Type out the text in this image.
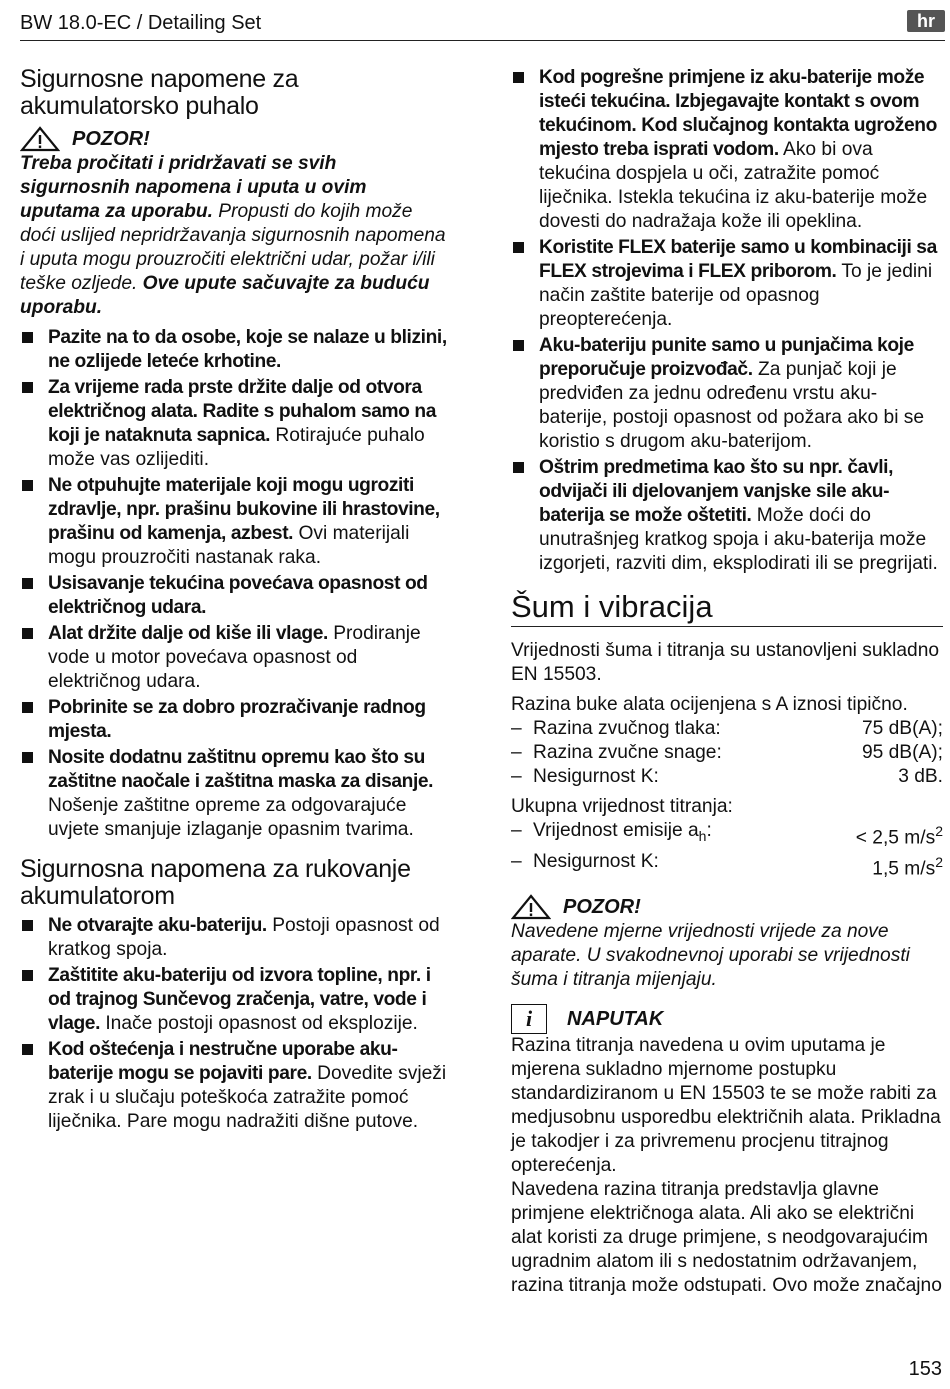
BW 18.0-EC / Detailing Set	hr
Sigurnosne napomene za akumulatorsko puhalo
POZOR!

Treba pročitati i pridržavati se svih sigurnosnih napomena i uputa u ovim uputama za uporabu. Propusti do kojih može doći uslijed nepridržavanja sigurnosnih napomena i uputa mogu prouzročiti električni udar, požar i/ili teške ozljede. Ove upute sačuvajte za buduću uporabu.

Pazite na to da osobe, koje se nalaze u blizini, ne ozlijede leteće krhotine.
Za vrijeme rada prste držite dalje od otvora električnog alata. Radite s puhalom samo na koji je nataknuta sapnica. Rotirajuće puhalo može vas ozlijediti.
Ne otpuhujte materijale koji mogu ugroziti zdravlje, npr. prašinu bukovine ili hrastovine, prašinu od kamenja, azbest. Ovi materijali mogu prouzročiti nastanak raka.
Usisavanje tekućina povećava opasnost od električnog udara.
Alat držite dalje od kiše ili vlage. Prodiranje vode u motor povećava opasnost od električnog udara.
Pobrinite se za dobro prozračivanje radnog mjesta.
Nosite dodatnu zaštitnu opremu kao što su zaštitne naočale i zaštitna maska za disanje. Nošenje zaštitne opreme za odgovarajuće uvjete smanjuje izlaganje opasnim tvarima.
Sigurnosna napomena za rukovanje akumulatorom
Ne otvarajte aku-bateriju. Postoji opasnost od kratkog spoja.
Zaštitite aku-bateriju od izvora topline, npr. i od trajnog Sunčevog zračenja, vatre, vode i vlage. Inače postoji opasnost od eksplozije.
Kod oštećenja i nestručne uporabe aku-baterije mogu se pojaviti pare. Dovedite svježi zrak i u slučaju poteškoća zatražite pomoć liječnika. Pare mogu nadražiti dišne putove.
Kod pogrešne primjene iz aku-baterije može isteći tekućina. Izbjegavajte kontakt s ovom tekućinom. Kod slučajnog kontakta ugroženo mjesto treba isprati vodom. Ako bi ova tekućina dospjela u oči, zatražite pomoć liječnika. Istekla tekućina iz aku-baterije može dovesti do nadražaja kože ili opeklina.
Koristite FLEX baterije samo u kombinaciji sa FLEX strojevima i FLEX priborom. To je jedini način zaštite baterije od opasnog preopterećenja.
Aku-bateriju punite samo u punjačima koje preporučuje proizvođač. Za punjač koji je predviđen za jednu određenu vrstu aku-baterije, postoji opasnost od požara ako bi se koristio s drugom aku-baterijom.
Oštrim predmetima kao što su npr. čavli, odvijači ili djelovanjem vanjske sile aku-baterija se može oštetiti. Može doći do unutrašnjeg kratkog spoja i aku-baterija može izgorjeti, razviti dim, eksplodirati ili se pregrijati.
Šum i vibracija

Vrijednosti šuma i titranja su ustanovljeni sukladno EN 15503.

Razina buke alata ocijenjena s A iznosi tipično.

– Razina zvučnog tlaka:	75 dB(A);
– Razina zvučne snage:	95 dB(A);
– Nesigurnost K:	3 dB.

Ukupna vrijednost titranja:

– Vrijednost emisije $a_h$:	< 2,5 $m/s^2$
– Nesigurnost K:	1,5 $m/s^2$
POZOR!

Navedene mjerne vrijednosti vrijede za nove aparate. U svakodnevnoj uporabi se vrijednosti šuma i titranja mijenjaju.

i	NAPUTAK

Razina titranja navedena u ovim uputama je mjerena sukladno mjernome postupku standardiziranom u EN 15503 te se može rabiti za medjusobnu usporedbu električnih alata. Prikladna je takodjer i za privremenu procjenu titrajnog opterećenja.

Navedena razina titranja predstavlja glavne primjene električnoga alata. Ali ako se električni alat koristi za druge primjene, s neodgovarajućim ugradnim alatom ili s nedostatnim održavanjem, razina titranja može odstupati. Ovo može značajno

153
